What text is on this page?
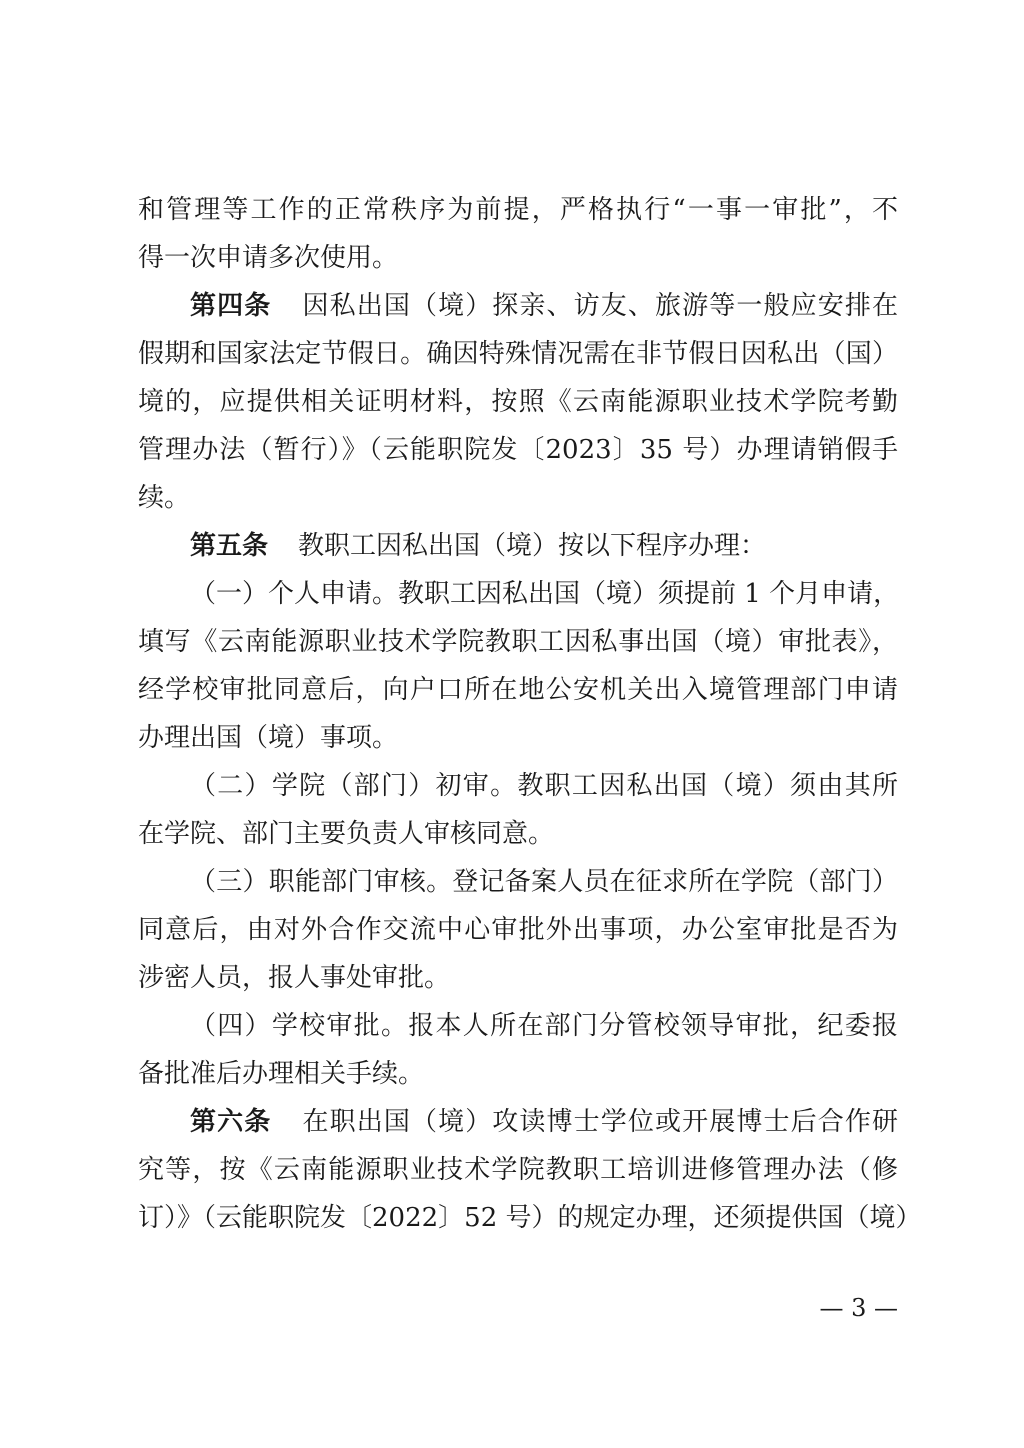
和管理等工作的正常秩序为前提，严格执行“一事一审批”，不
得一次申请多次使用。
第四条 因私出国（境）探亲、访友、旅游等一般应安排在
假期和国家法定节假日。确因特殊情况需在非节假日因私出（国）
境的，应提供相关证明材料，按照《云南能源职业技术学院考勤
管理办法（暂行）》（云能职院发〔2023〕35 号）办理请销假手
续。
第五条 教职工因私出国（境）按以下程序办理：
（一）个人申请。教职工因私出国（境）须提前 1 个月申请，
填写《云南能源职业技术学院教职工因私事出国（境）审批表》，
经学校审批同意后，向户口所在地公安机关出入境管理部门申请
办理出国（境）事项。
（二）学院（部门）初审。教职工因私出国（境）须由其所
在学院、部门主要负责人审核同意。
（三）职能部门审核。登记备案人员在征求所在学院（部门）
同意后，由对外合作交流中心审批外出事项，办公室审批是否为
涉密人员，报人事处审批。
（四）学校审批。报本人所在部门分管校领导审批，纪委报
备批准后办理相关手续。
第六条 在职出国（境）攻读博士学位或开展博士后合作研
究等，按《云南能源职业技术学院教职工培训进修管理办法（修
订）》（云能职院发〔2022〕52 号）的规定办理，还须提供国（境）
— 3 —
